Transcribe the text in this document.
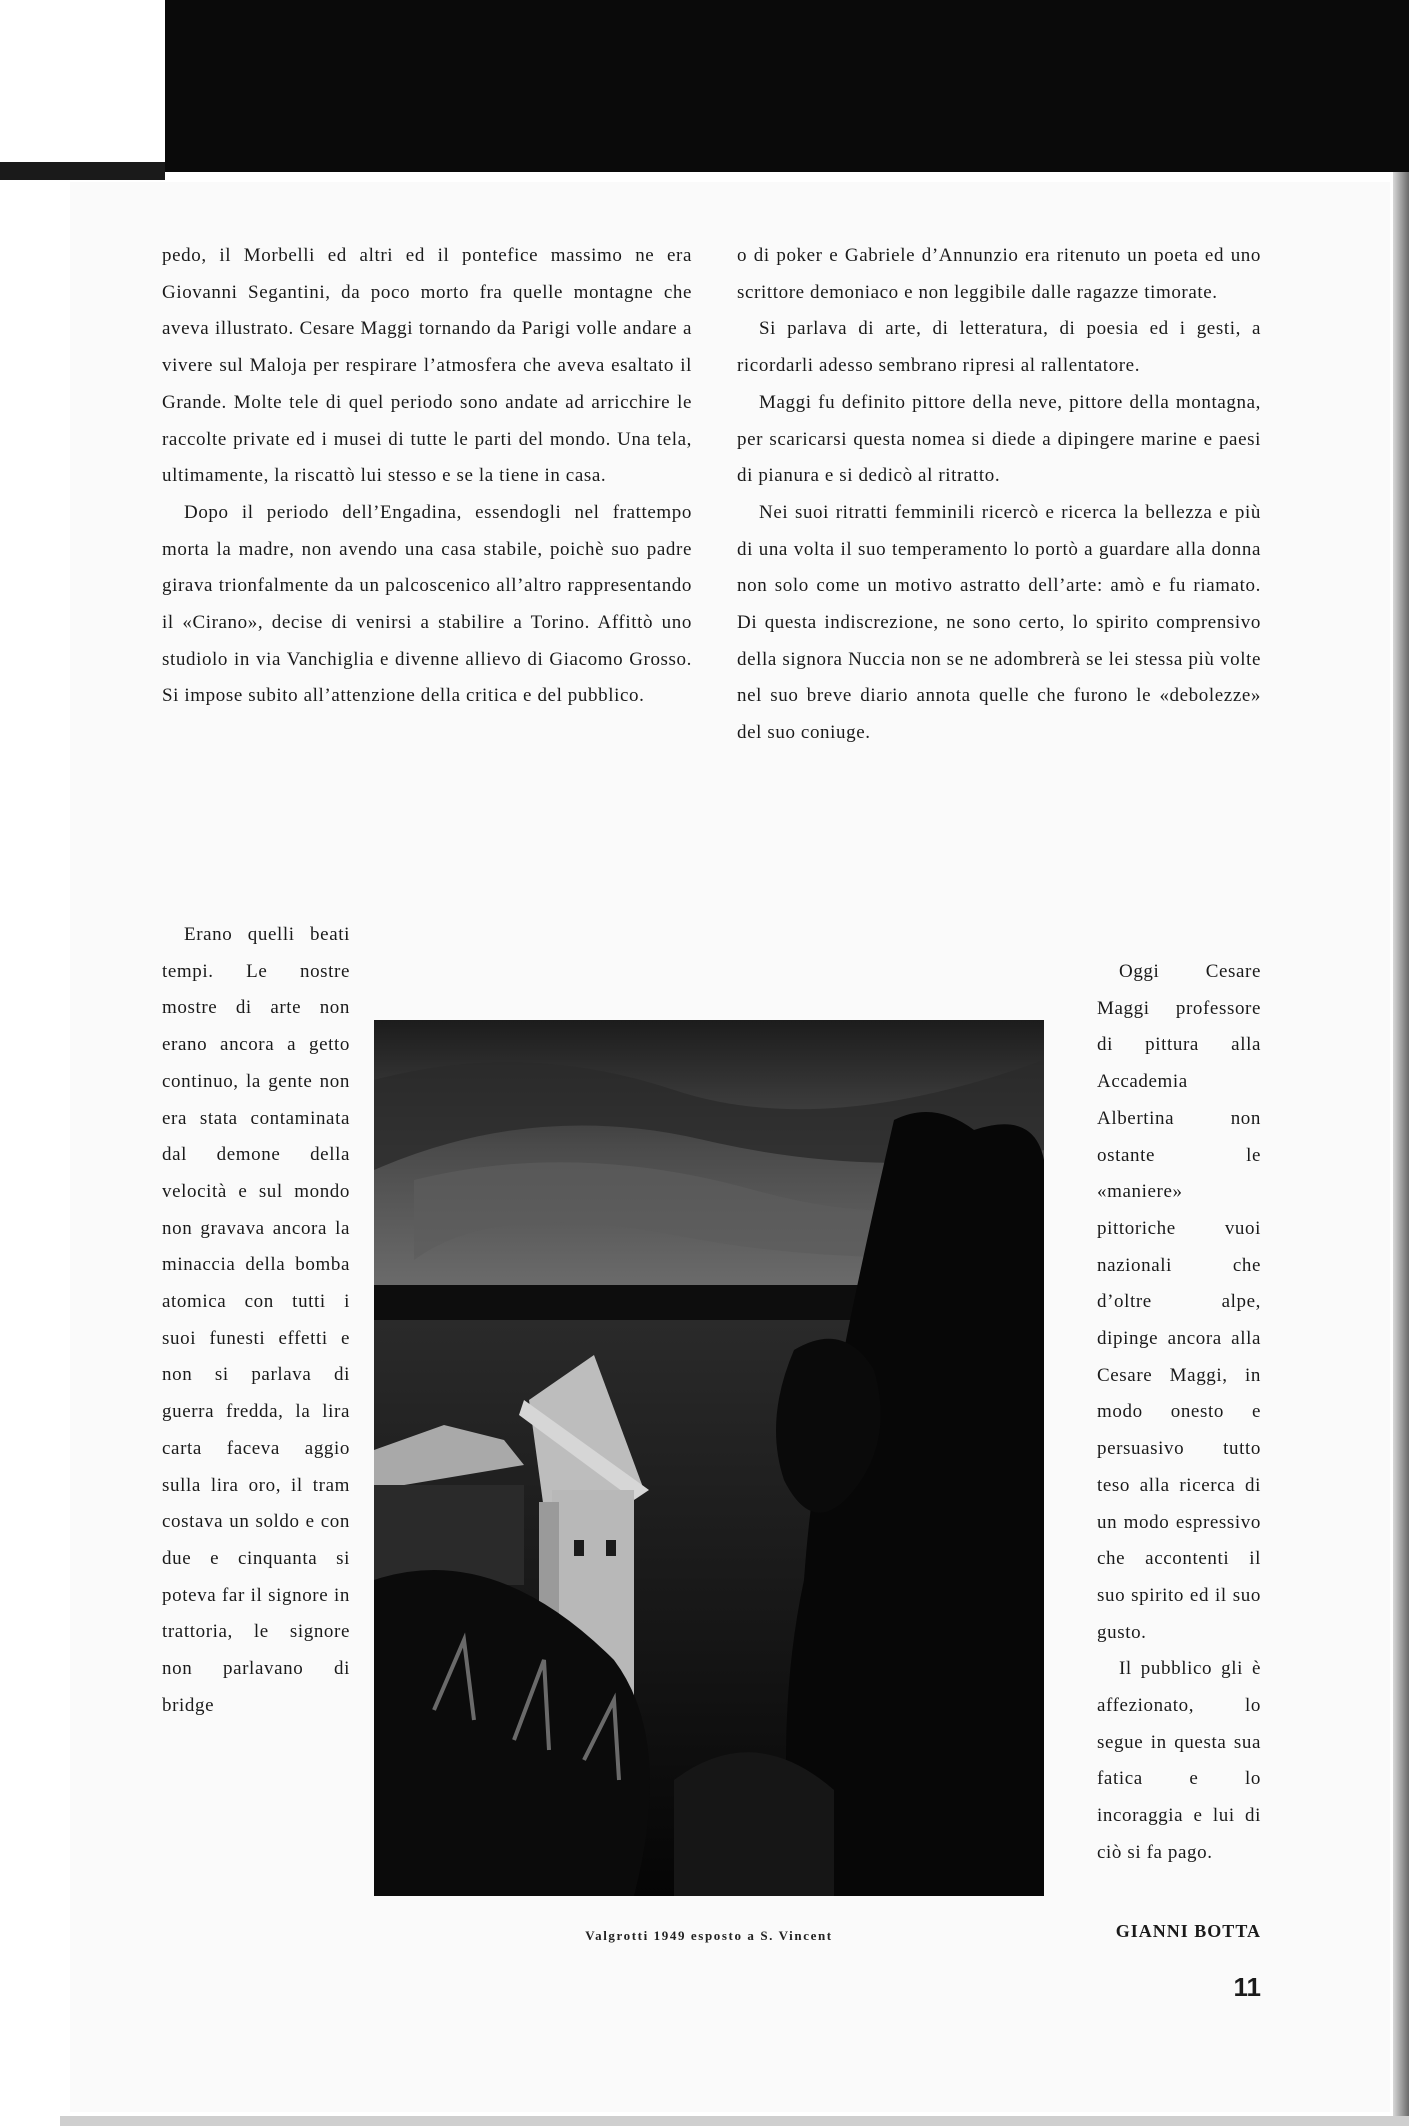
pedo, il Morbelli ed altri ed il pontefice massimo ne era Giovanni Segantini, da poco morto fra quelle montagne che aveva illustrato. Cesare Maggi tornando da Parigi volle andare a vivere sul Maloja per respirare l’atmosfera che aveva esaltato il Grande. Molte tele di quel periodo sono andate ad arricchire le raccolte private ed i musei di tutte le parti del mondo. Una tela, ultimamente, la riscattò lui stesso e se la tiene in casa.

Dopo il periodo dell’Engadina, essendogli nel frattempo morta la madre, non avendo una casa stabile, poichè suo padre girava trionfalmente da un palcoscenico all’altro rappresentando il «Cirano», decise di venirsi a stabilire a Torino. Affittò uno studiolo in via Vanchiglia e divenne allievo di Giacomo Grosso. Si impose subito all’attenzione della critica e del pubblico.

Erano quelli beati tempi. Le nostre mostre di arte non erano ancora a getto continuo, la gente non era stata contaminata dal demone della velocità e sul mondo non gravava ancora la minaccia della bomba atomica con tutti i suoi funesti effetti e non si parlava di guerra fredda, la lira carta faceva aggio sulla lira oro, il tram costava un soldo e con due e cinquanta si poteva far il signore in trattoria, le signore non parlavano di bridge

o di poker e Gabriele d’Annunzio era ritenuto un poeta ed uno scrittore demoniaco e non leggibile dalle ragazze timorate.

Si parlava di arte, di letteratura, di poesia ed i gesti, a ricordarli adesso sembrano ripresi al rallentatore.

Maggi fu definito pittore della neve, pittore della montagna, per scaricarsi questa nomea si diede a dipingere marine e paesi di pianura e si dedicò al ritratto.

Nei suoi ritratti femminili ricercò e ricerca la bellezza e più di una volta il suo temperamento lo portò a guardare alla donna non solo come un motivo astratto dell’arte: amò e fu riamato. Di questa indiscrezione, ne sono certo, lo spirito comprensivo della signora Nuccia non se ne adombrerà se lei stessa più volte nel suo breve diario annota quelle che furono le «debolezze» del suo coniuge.

Oggi Cesare Maggi professore di pittura alla Accademia Albertina non ostante le «maniere» pittoriche vuoi nazionali che d’oltre alpe, dipinge ancora alla Cesare Maggi, in modo onesto e persuasivo tutto teso alla ricerca di un modo espressivo che accontenti il suo spirito ed il suo gusto.

Il pubblico gli è affezionato, lo segue in questa sua fatica e lo incoraggia e lui di ciò si fa pago.

Valgrotti 1949 esposto a S. Vincent	GIANNI BOTTA
11
